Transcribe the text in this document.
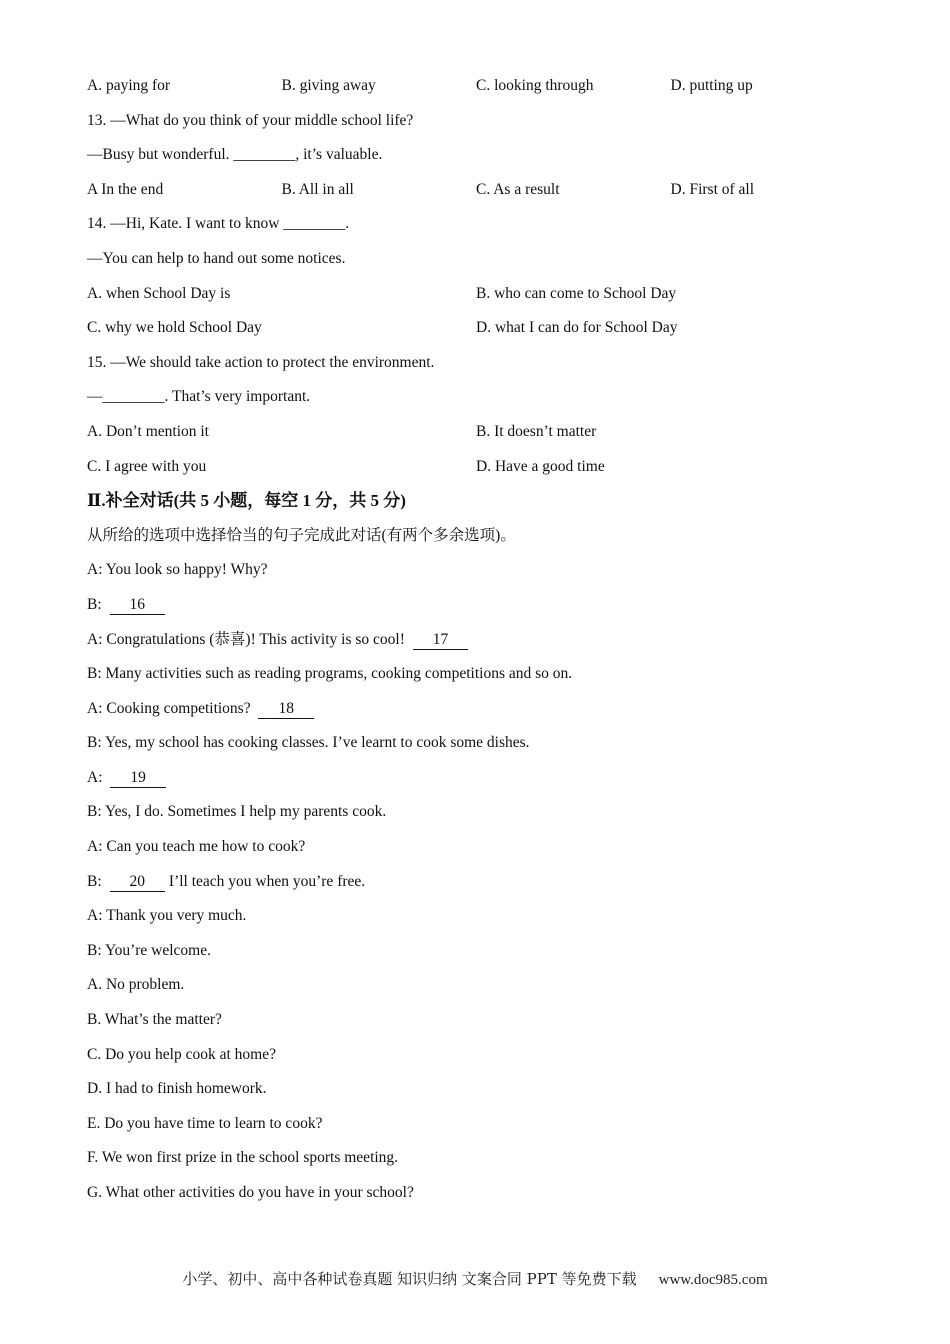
A. paying for	B. giving away	C. looking through	D. putting up
13. —What do you think of your middle school life?
—Busy but wonderful. ________, it’s valuable.
A In the end	B. All in all	C. As a result	D. First of all
14. —Hi, Kate. I want to know ________.
—You can help to hand out some notices.
A. when School Day is	B. who can come to School Day
C. why we hold School Day	D. what I can do for School Day
15. —We should take action to protect the environment.
—________. That’s very important.
A. Don’t mention it	B. It doesn’t matter
C. I agree with you	D. Have a good time
Ⅱ.补全对话(共 5 小题，每空 1 分，共 5 分)
从所给的选项中选择恰当的句子完成此对话(有两个多余选项)。
A: You look so happy! Why?
B: 16
A: Congratulations (恭喜)! This activity is so cool! 17
B: Many activities such as reading programs, cooking competitions and so on.
A: Cooking competitions? 18
B: Yes, my school has cooking classes. I’ve learnt to cook some dishes.
A: 19
B: Yes, I do. Sometimes I help my parents cook.
A: Can you teach me how to cook?
B: 20 I’ll teach you when you’re free.
A: Thank you very much.
B: You’re welcome.
A. No problem.
B. What’s the matter?
C. Do you help cook at home?
D. I had to finish homework.
E. Do you have time to learn to cook?
F. We won first prize in the school sports meeting.
G. What other activities do you have in your school?
小学、初中、高中各种试卷真题 知识归纳 文案合同 PPT 等免费下载 www.doc985.com
